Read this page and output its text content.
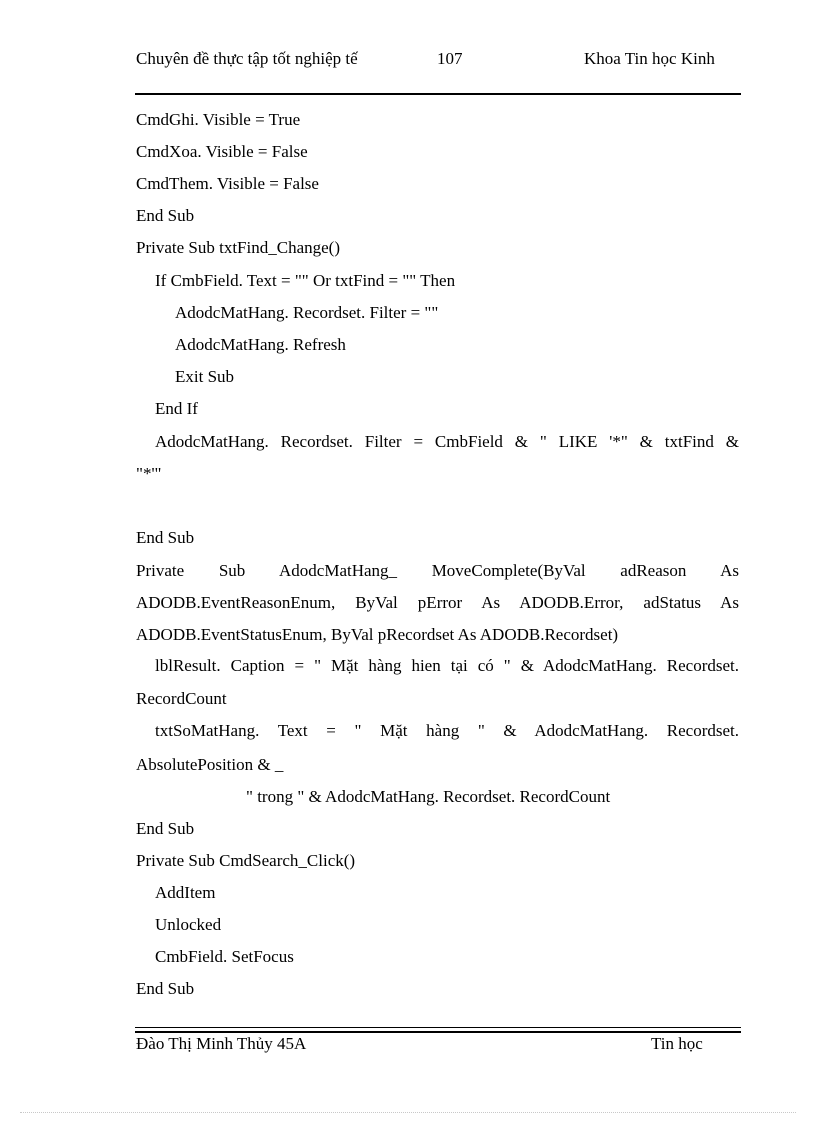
Chuyên đề thực tập tốt nghiệp tế	107	Khoa Tin học Kinh
CmdGhi. Visible = True
CmdXoa. Visible = False
CmdThem. Visible = False
End Sub
Private Sub txtFind_Change()
If CmbField. Text = "" Or txtFind = "" Then
AdodcMatHang. Recordset. Filter = ""
AdodcMatHang. Refresh
Exit Sub
End If
AdodcMatHang. Recordset. Filter = CmbField & " LIKE '*" & txtFind &
"*'"
End Sub
Private Sub AdodcMatHang_ MoveComplete(ByVal adReason As
ADODB.EventReasonEnum, ByVal pError As ADODB.Error, adStatus As
ADODB.EventStatusEnum, ByVal pRecordset As ADODB.Recordset)
lblResult. Caption = " Mặt hàng hien tại có " & AdodcMatHang. Recordset.
RecordCount
txtSoMatHang. Text = " Mặt hàng " & AdodcMatHang. Recordset.
AbsolutePosition & _
" trong " & AdodcMatHang. Recordset. RecordCount
End Sub
Private Sub CmdSearch_Click()
AddItem
Unlocked
CmbField. SetFocus
End Sub
Đào Thị Minh Thủy 45A	Tin học
